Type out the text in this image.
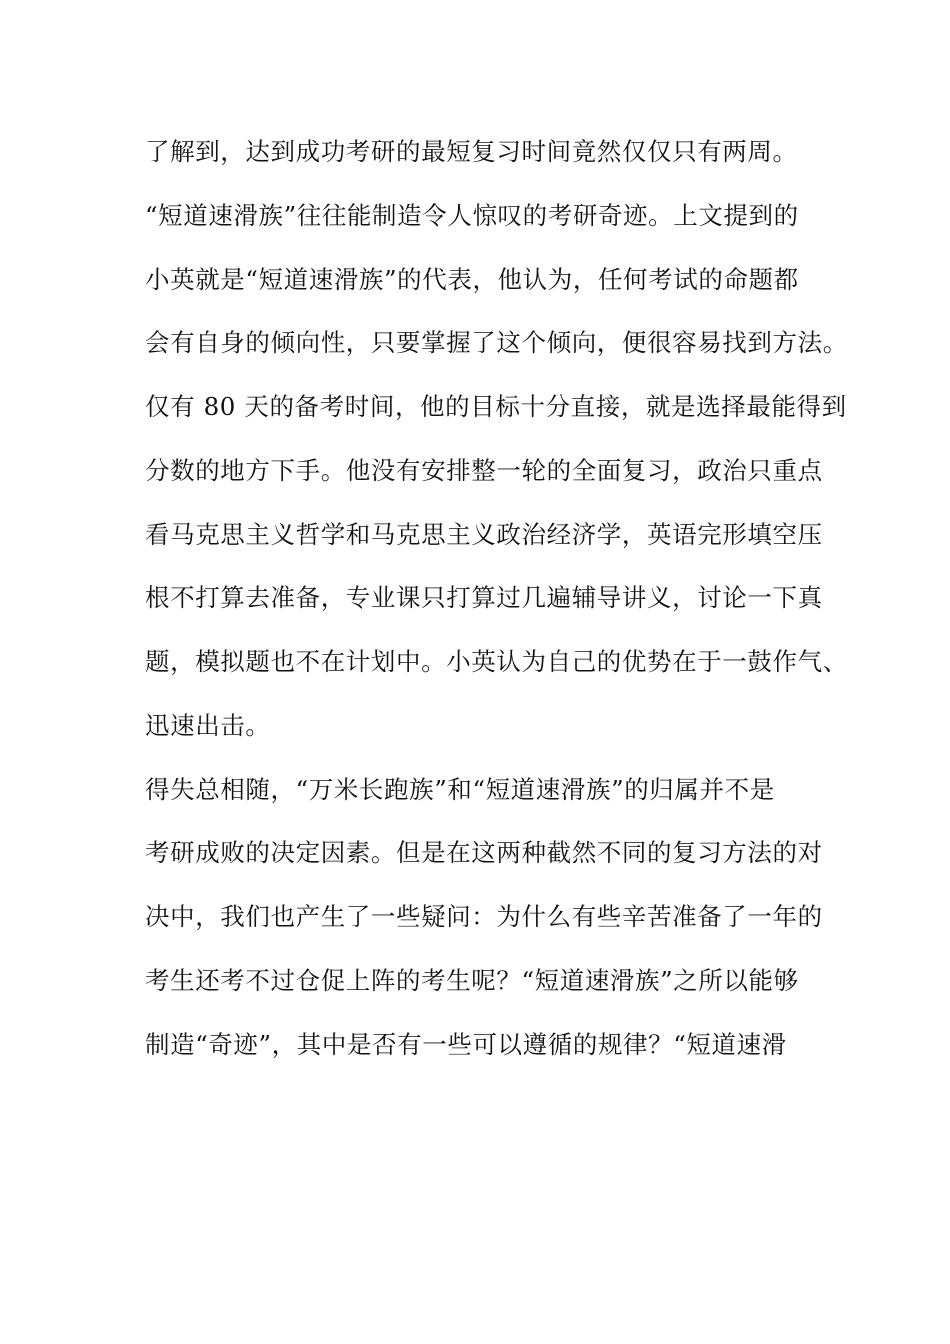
了解到，达到成功考研的最短复习时间竟然仅仅只有两周。
“短道速滑族”往往能制造令人惊叹的考研奇迹。上文提到的
小英就是“短道速滑族”的代表，他认为，任何考试的命题都
会有自身的倾向性，只要掌握了这个倾向，便很容易找到方法。
仅有 80 天的备考时间，他的目标十分直接，就是选择最能得到
分数的地方下手。他没有安排整一轮的全面复习，政治只重点
看马克思主义哲学和马克思主义政治经济学，英语完形填空压
根不打算去准备，专业课只打算过几遍辅导讲义，讨论一下真
题，模拟题也不在计划中。小英认为自己的优势在于一鼓作气、
迅速出击。
得失总相随，“万米长跑族”和“短道速滑族”的归属并不是
考研成败的决定因素。但是在这两种截然不同的复习方法的对
决中，我们也产生了一些疑问：为什么有些辛苦准备了一年的
考生还考不过仓促上阵的考生呢？“短道速滑族”之所以能够
制造“奇迹”，其中是否有一些可以遵循的规律？“短道速滑
